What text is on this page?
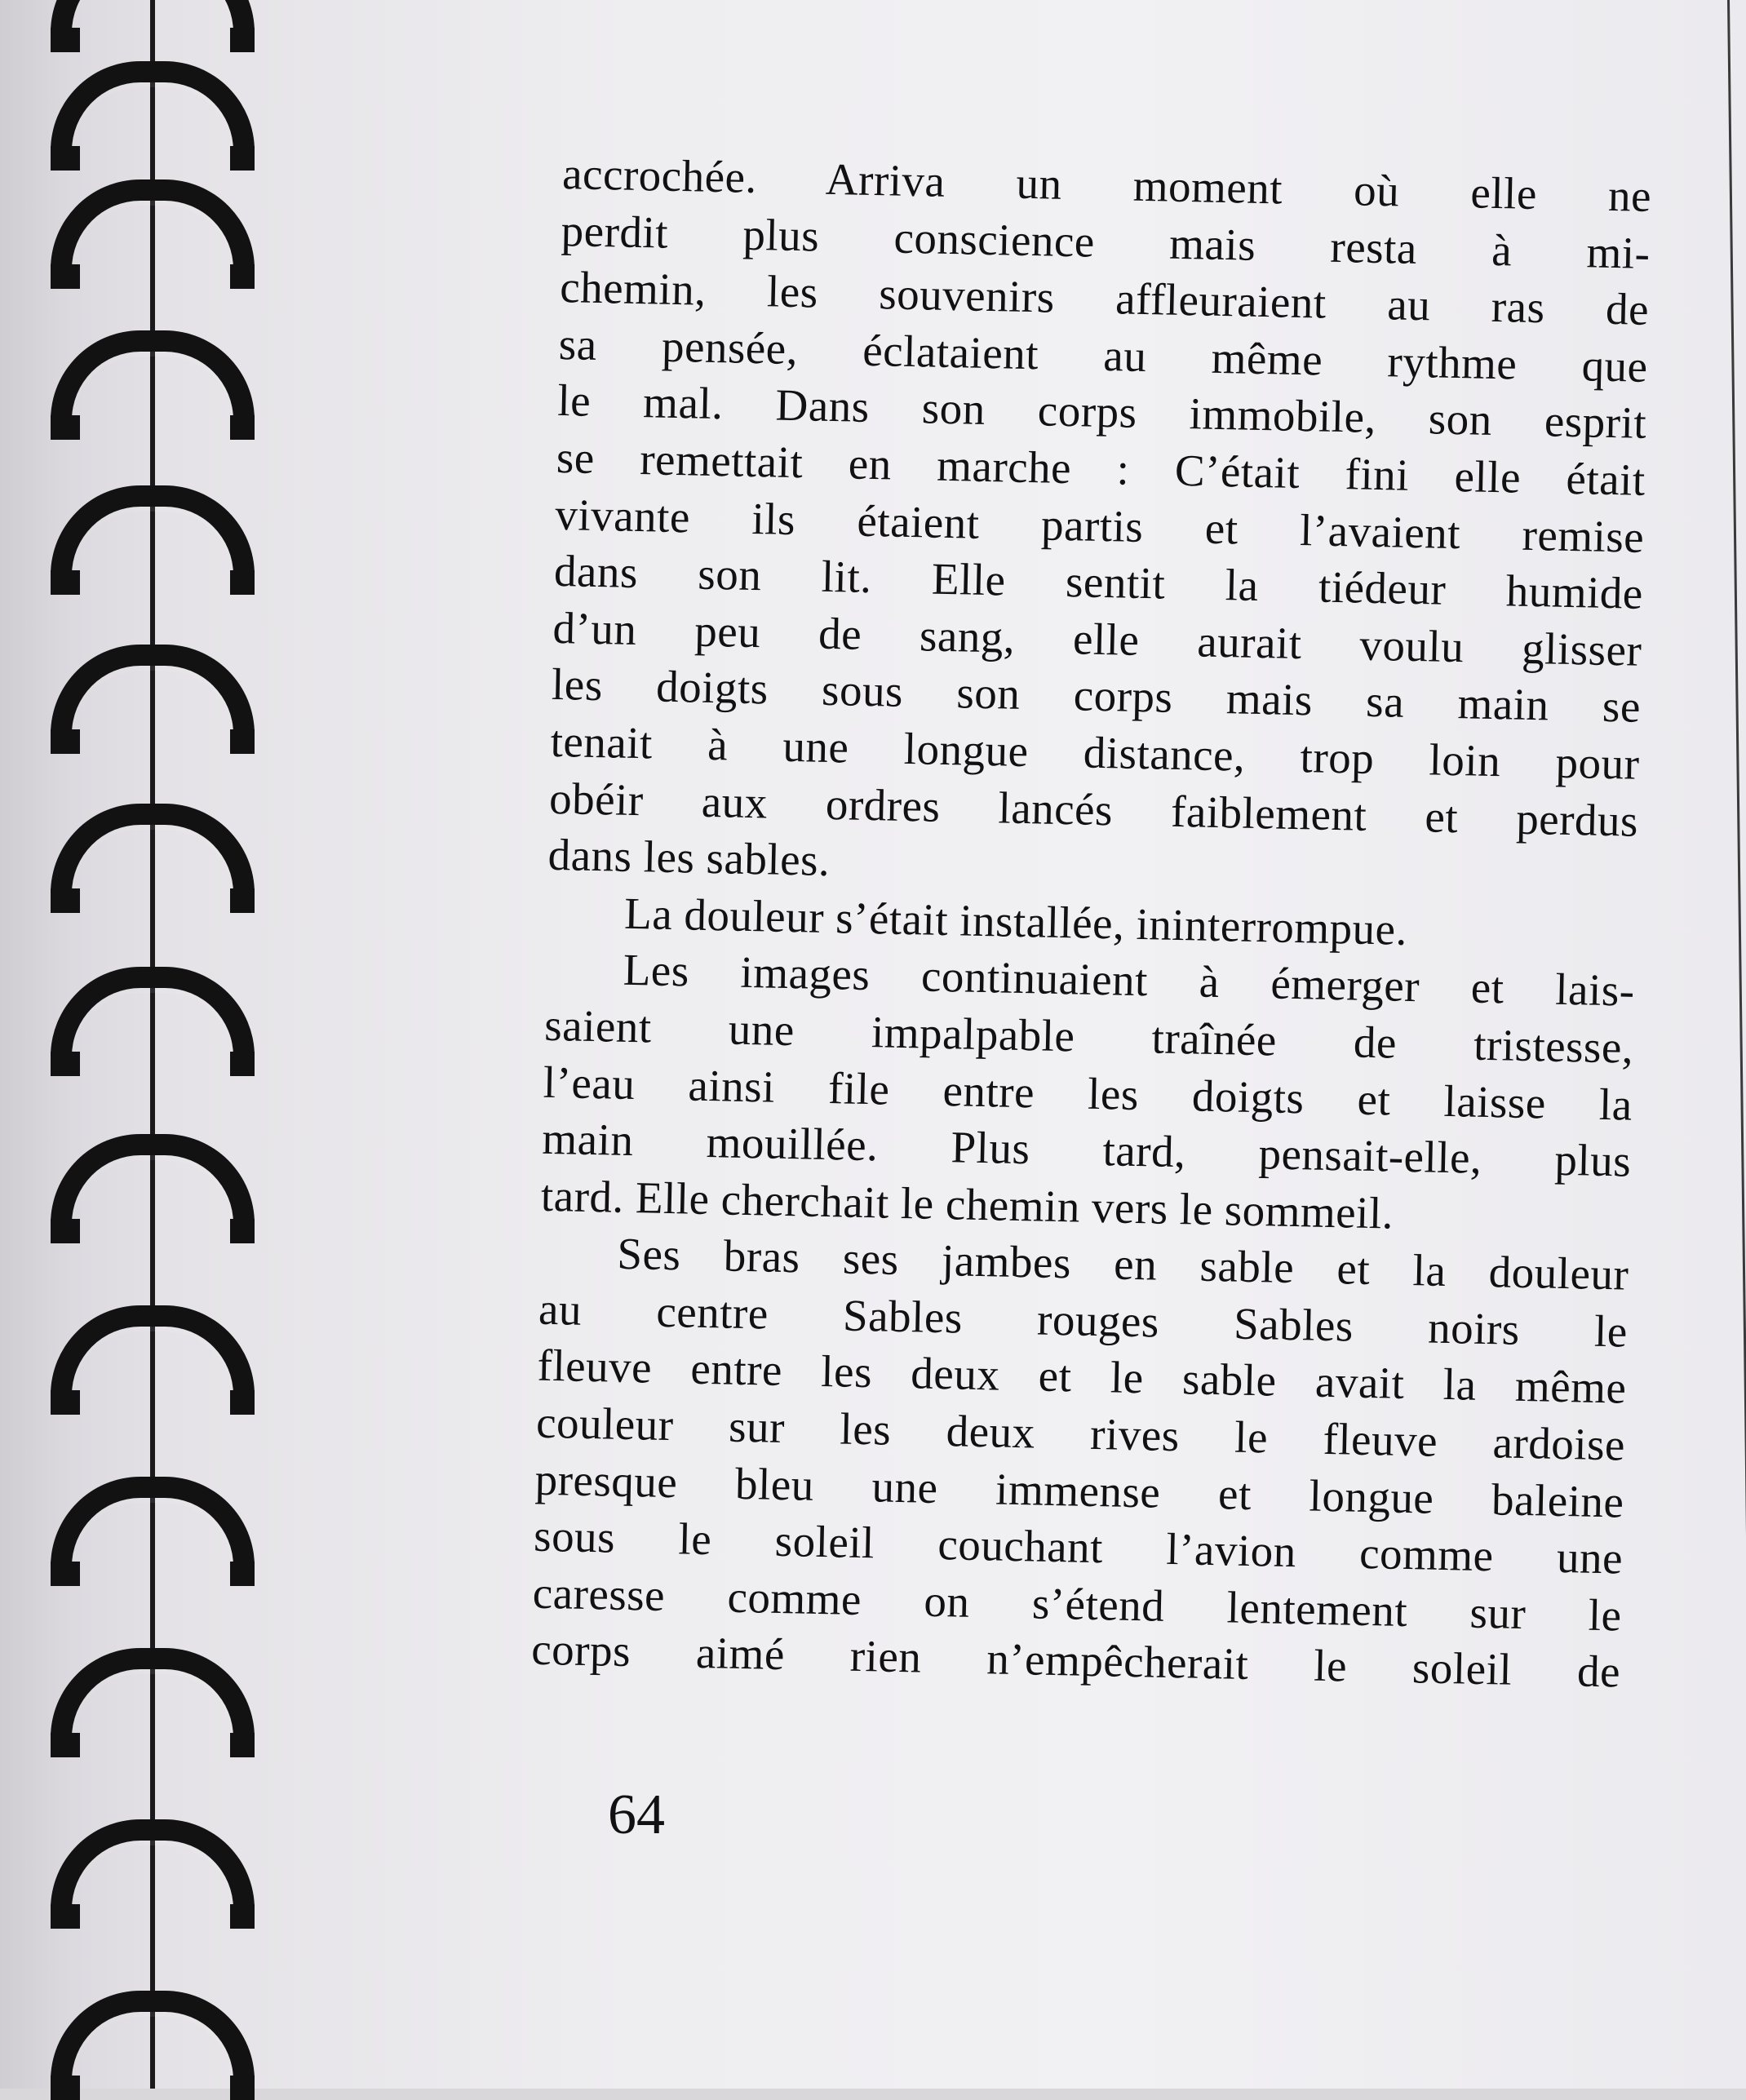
accrochée. Arriva un moment où elle ne
perdit plus conscience mais resta à mi-
chemin, les souvenirs affleuraient au ras de
sa pensée, éclataient au même rythme que
le mal. Dans son corps immobile, son esprit
se remettait en marche : C’était fini elle était
vivante ils étaient partis et l’avaient remise
dans son lit. Elle sentit la tiédeur humide
d’un peu de sang, elle aurait voulu glisser
les doigts sous son corps mais sa main se
tenait à une longue distance, trop loin pour
obéir aux ordres lancés faiblement et perdus
dans les sables.
La douleur s’était installée, ininterrompue.
Les images continuaient à émerger et lais-
saient une impalpable traînée de tristesse,
l’eau ainsi file entre les doigts et laisse la
main mouillée. Plus tard, pensait-elle, plus
tard. Elle cherchait le chemin vers le sommeil.
Ses bras ses jambes en sable et la douleur
au centre Sables rouges Sables noirs le
fleuve entre les deux et le sable avait la même
couleur sur les deux rives le fleuve ardoise
presque bleu une immense et longue baleine
sous le soleil couchant l’avion comme une
caresse comme on s’étend lentement sur le
corps aimé rien n’empêcherait le soleil de
64
